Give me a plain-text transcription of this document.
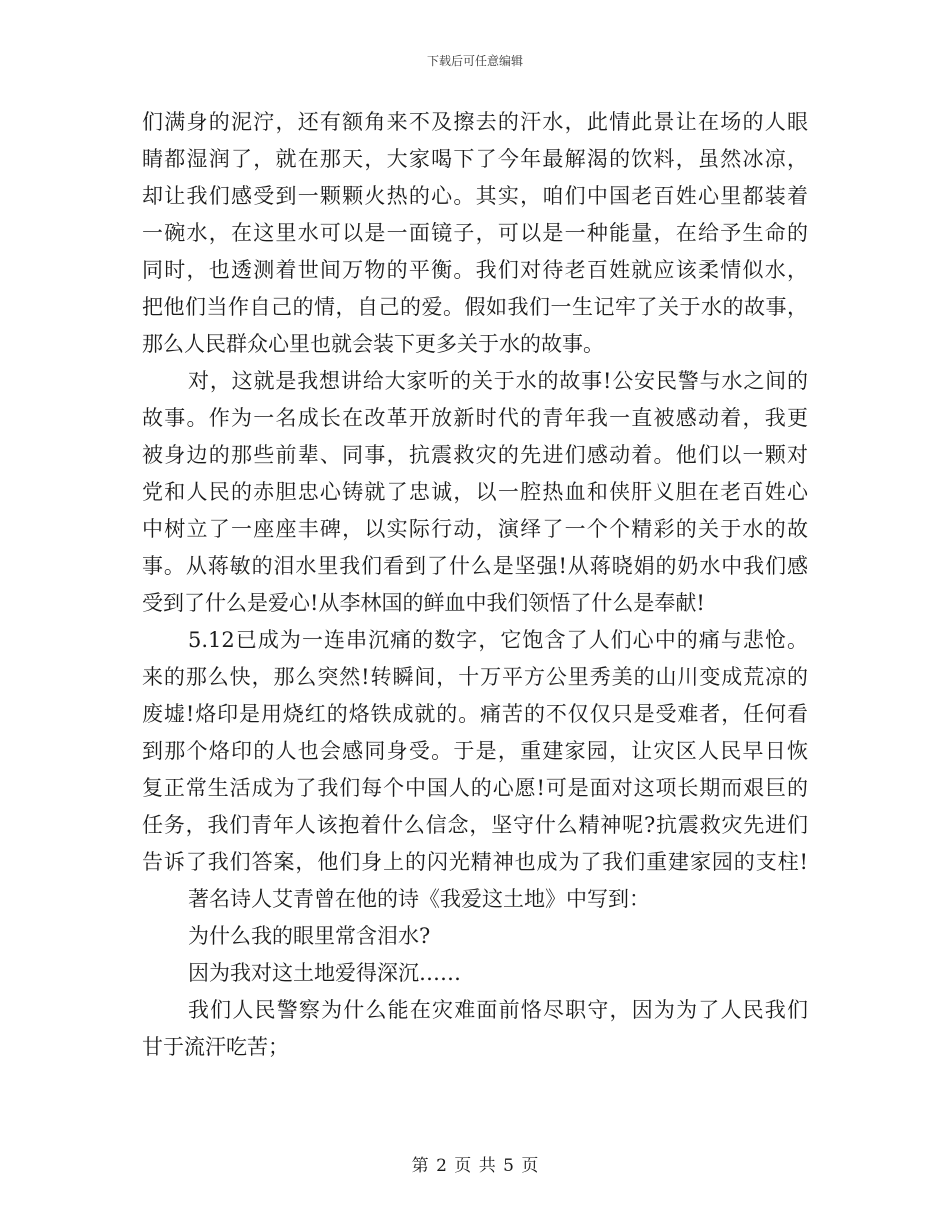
下载后可任意编辑
们满身的泥泞，还有额角来不及擦去的汗水，此情此景让在场的人眼
睛都湿润了，就在那天，大家喝下了今年最解渴的饮料，虽然冰凉，
却让我们感受到一颗颗火热的心。其实，咱们中国老百姓心里都装着
一碗水，在这里水可以是一面镜子，可以是一种能量，在给予生命的
同时，也透测着世间万物的平衡。我们对待老百姓就应该柔情似水，
把他们当作自己的情，自己的爱。假如我们一生记牢了关于水的故事，
那么人民群众心里也就会装下更多关于水的故事。
对，这就是我想讲给大家听的关于水的故事!公安民警与水之间的
故事。作为一名成长在改革开放新时代的青年我一直被感动着，我更
被身边的那些前辈、同事，抗震救灾的先进们感动着。他们以一颗对
党和人民的赤胆忠心铸就了忠诚，以一腔热血和侠肝义胆在老百姓心
中树立了一座座丰碑，以实际行动，演绎了一个个精彩的关于水的故
事。从蒋敏的泪水里我们看到了什么是坚强!从蒋晓娟的奶水中我们感
受到了什么是爱心!从李林国的鲜血中我们领悟了什么是奉献!
5.12已成为一连串沉痛的数字，它饱含了人们心中的痛与悲怆。
来的那么快，那么突然!转瞬间，十万平方公里秀美的山川变成荒凉的
废墟!烙印是用烧红的烙铁成就的。痛苦的不仅仅只是受难者，任何看
到那个烙印的人也会感同身受。于是，重建家园，让灾区人民早日恢
复正常生活成为了我们每个中国人的心愿!可是面对这项长期而艰巨的
任务，我们青年人该抱着什么信念，坚守什么精神呢?抗震救灾先进们
告诉了我们答案，他们身上的闪光精神也成为了我们重建家园的支柱!
著名诗人艾青曾在他的诗《我爱这土地》中写到：
为什么我的眼里常含泪水?
因为我对这土地爱得深沉……
我们人民警察为什么能在灾难面前恪尽职守，因为为了人民我们
甘于流汗吃苦；
第 2 页 共 5 页
